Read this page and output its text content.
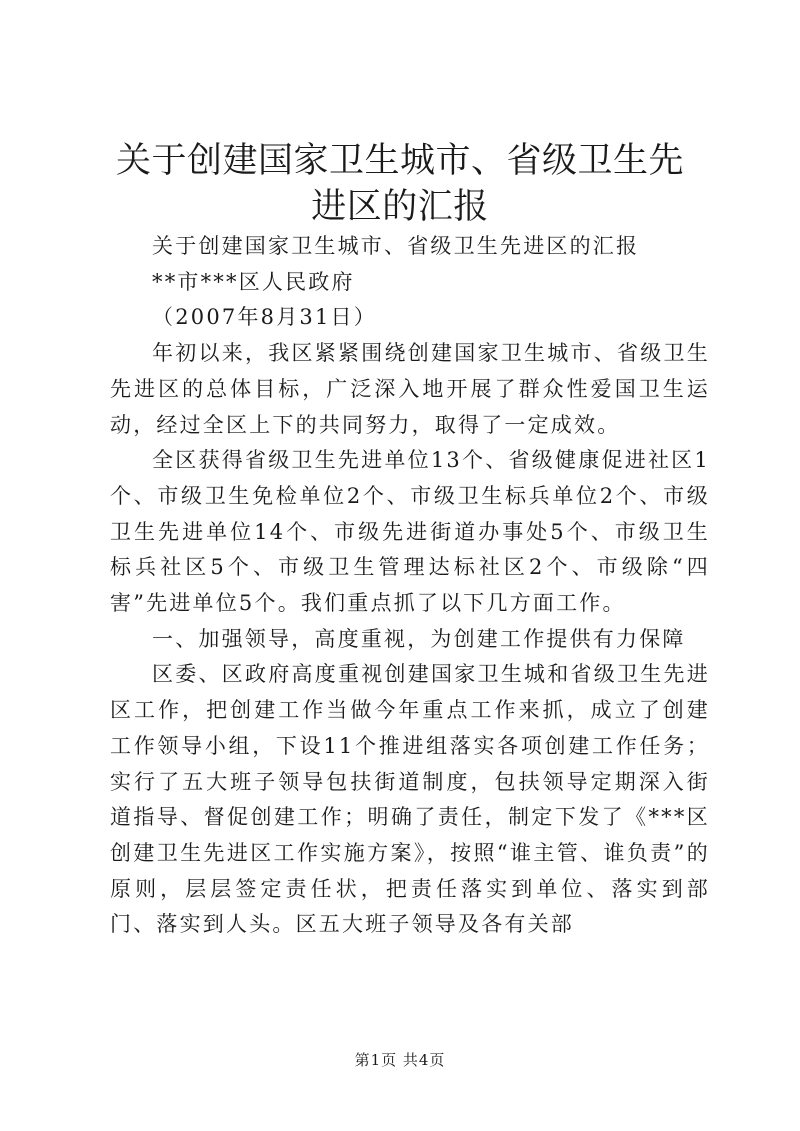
关于创建国家卫生城市、省级卫生先进区的汇报

关于创建国家卫生城市、省级卫生先进区的汇报

**市***区人民政府

（2007年8月31日）

年初以来，我区紧紧围绕创建国家卫生城市、省级卫生先进区的总体目标，广泛深入地开展了群众性爱国卫生运动，经过全区上下的共同努力，取得了一定成效。

全区获得省级卫生先进单位13个、省级健康促进社区1个、市级卫生免检单位2个、市级卫生标兵单位2个、市级卫生先进单位14个、市级先进街道办事处5个、市级卫生标兵社区5个、市级卫生管理达标社区2个、市级除“四害”先进单位5个。我们重点抓了以下几方面工作。

一、加强领导，高度重视，为创建工作提供有力保障

区委、区政府高度重视创建国家卫生城和省级卫生先进区工作，把创建工作当做今年重点工作来抓，成立了创建工作领导小组，下设11个推进组落实各项创建工作任务；实行了五大班子领导包扶街道制度，包扶领导定期深入街道指导、督促创建工作；明确了责任，制定下发了《***区创建卫生先进区工作实施方案》，按照“谁主管、谁负责”的原则，层层签定责任状，把责任落实到单位、落实到部门、落实到人头。区五大班子领导及各有关部

第1页 共4页
